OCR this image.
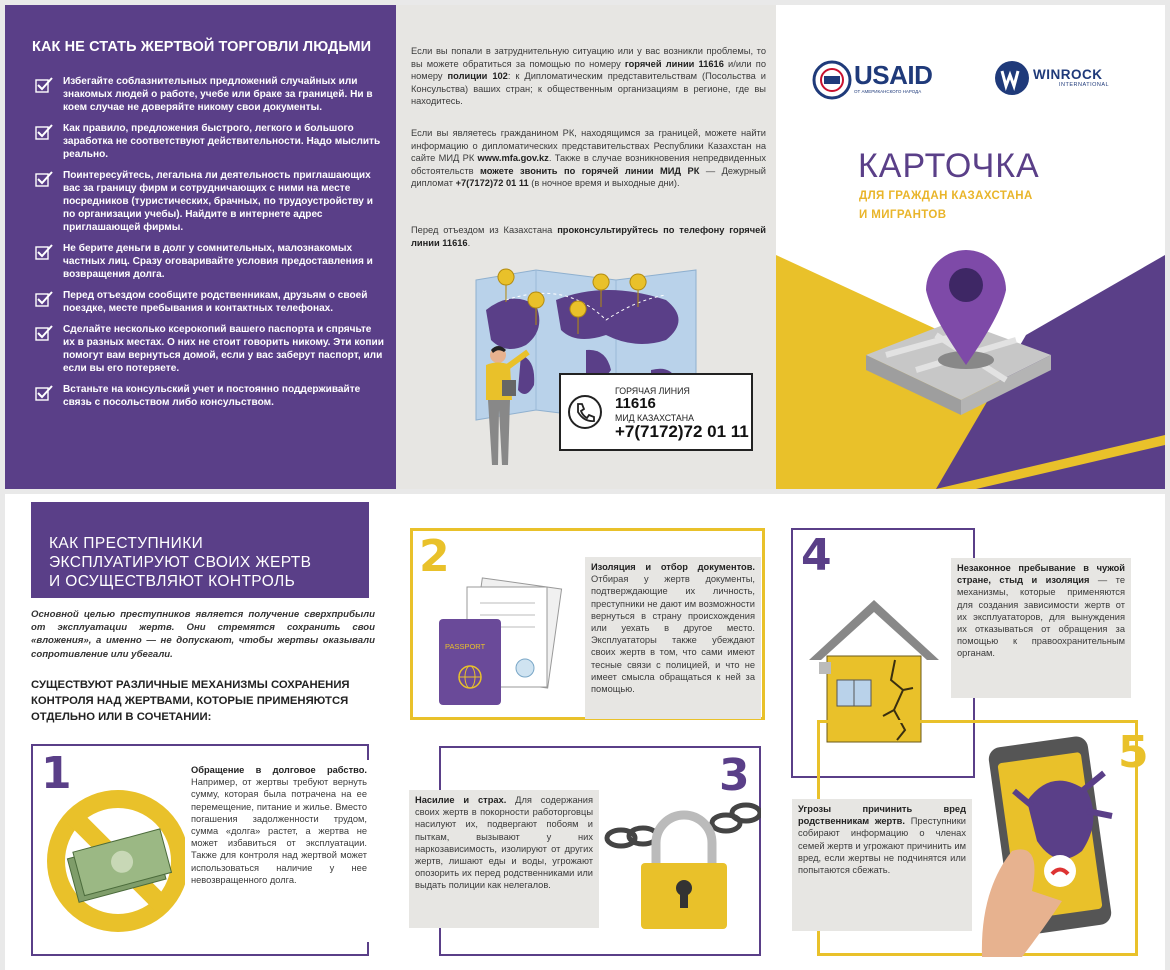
КАК НЕ СТАТЬ ЖЕРТВОЙ ТОРГОВЛИ ЛЮДЬМИ
Избегайте соблазнительных предложений случайных или знакомых людей о работе, учебе или браке за границей. Ни в коем случае не доверяйте никому свои документы.
Как правило, предложения быстрого, легкого и большого заработка не соответствуют действительности. Надо мыслить реально.
Поинтересуйтесь, легальна ли деятельность приглашающих вас за границу фирм и сотрудничающих с ними на месте посредников (туристических, брачных, по трудоустройству и по организации учебы). Найдите в интернете адрес приглашающей фирмы.
Не берите деньги в долг у сомнительных, малознакомых частных лиц. Сразу оговаривайте условия предоставления и возвращения долга.
Перед отъездом сообщите родственникам, друзьям о своей поездке, месте пребывания и контактных телефонах.
Сделайте несколько ксерокопий вашего паспорта и спрячьте их в разных местах. О них не стоит говорить никому. Эти копии помогут вам вернуться домой, если у вас заберут паспорт, или если вы его потеряете.
Встаньте на консульский учет и постоянно поддерживайте связь с посольством либо консульством.

Если вы попали в затруднительную ситуацию или у вас возникли проблемы, то вы можете обратиться за помощью по номеру горячей линии 11616 и/или по номеру полиции 102: к Дипломатическим представительствам (Посольства и Консульства) ваших стран; к общественным организациям в регионе, где вы находитесь.

Если вы являетесь гражданином РК, находящимся за границей, можете найти информацию о дипломатических представительствах Республики Казахстан на сайте МИД РК www.mfa.gov.kz. Также в случае возникновения непредвиденных обстоятельств можете звонить по горячей линии МИД РК — Дежурный дипломат +7(7172)72 01 11 (в ночное время и выходные дни).

Перед отъездом из Казахстана проконсультируйтесь по телефону горячей линии 11616.

ГОРЯЧАЯ ЛИНИЯ
11616
МИД КАЗАХСТАНА
+7(7172)72 01 11
USAID
ОТ АМЕРИКАНСКОГО НАРОДА
WINROCK
INTERNATIONAL
КАРТОЧКА
ДЛЯ ГРАЖДАН КАЗАХСТАНА
И МИГРАНТОВ
КАК ПРЕСТУПНИКИ
ЭКСПЛУАТИРУЮТ СВОИХ ЖЕРТВ
И ОСУЩЕСТВЛЯЮТ КОНТРОЛЬ
Основной целью преступников является получение сверхприбыли от эксплуатации жертв. Они стремятся сохранить свои «вложения», а именно — не допускают, чтобы жертвы оказывали сопротивление или убегали.
СУЩЕСТВУЮТ РАЗЛИЧНЫЕ МЕХАНИЗМЫ СОХРАНЕНИЯ КОНТРОЛЯ НАД ЖЕРТВАМИ, КОТОРЫЕ ПРИМЕНЯЮТСЯ ОТДЕЛЬНО ИЛИ В СОЧЕТАНИИ:
1	Обращение в долговое рабство. Например, от жертвы требуют вернуть сумму, которая была потрачена на ее перемещение, питание и жилье. Вместо погашения задолженности трудом, сумма «долга» растет, а жертва не может избавиться от эксплуатации. Также для контроля над жертвой может использоваться наличие у нее невозвращенного долга.
2
PASSPORT
Изоляция и отбор документов. Отбирая у жертв документы, подтверждающие их личность, преступники не дают им возможности вернуться в страну происхождения или уехать в другое место. Эксплуататоры также убеждают своих жертв в том, что сами имеют тесные связи с полицией, и что не имеет смысла обращаться к ней за помощью.
3
Насилие и страх. Для содержания своих жертв в покорности работорговцы насилуют их, подвергают побоям и пыткам, вызывают у них наркозависимость, изолируют от других жертв, лишают еды и воды, угрожают опозорить их перед родственниками или выдать полиции как нелегалов.
4	Незаконное пребывание в чужой стране, стыд и изоляция — те механизмы, которые применяются для создания зависимости жертв от их эксплуататоров, для вынуждения их отказываться от обращения за помощью к правоохранительным органам.
5
Угрозы причинить вред родственникам жертв. Преступники собирают информацию о членах семей жертв и угрожают причинить им вред, если жертвы не подчинятся или попытаются сбежать.
